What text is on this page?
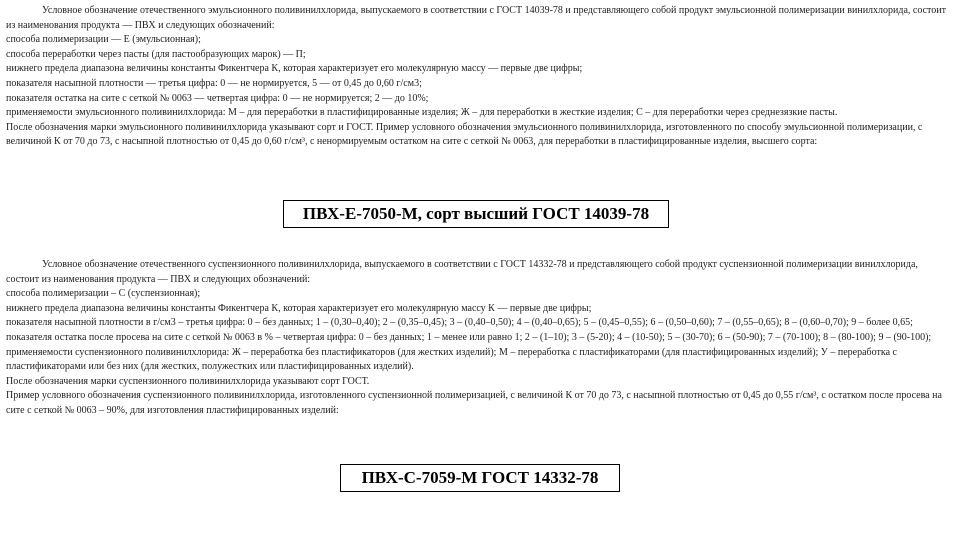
Условное обозначение отечественного эмульсионного поливинилхлорида, выпускаемого в соответствии с ГОСТ 14039-78 и представляющего собой продукт эмульсионной полимеризации винилхлорида, состоит из наименования продукта — ПВХ и следующих обозначений:

способа полимеризации — Е (эмульсионная);

способа переработки через пасты (для пастообразующих марок) — П;

нижнего предела диапазона величины константы Фикентчера К, которая характеризует его молекулярную массу — первые две цифры;

показателя насыпной плотности — третья цифра: 0 — не нормируется, 5 — от 0,45 до 0,60 г/см3;

показателя остатка на сите с сеткой № 0063 — четвертая цифра: 0 — не нормируется; 2 — до 10%;

применяемости эмульсионного поливинилхлорида: М – для переработки в пластифицированные изделия; Ж – для переработки в жесткие изделия; С – для переработки через среднезязкие пасты.

После обозначения марки эмульсионного поливинилхлорида указывают сорт и ГОСТ. Пример условного обозначения эмульсионного поливинилхлорида, изготовленного по способу эмульсионной полимеризации, с величиной К от 70 до 73, с насыпной плотностью от 0,45 до 0,60 г/см³, с ненормируемым остатком на сите с сеткой № 0063, для переработки в пластифицированные изделия, высшего сорта:

ПВХ-Е-7050-М, сорт высший ГОСТ 14039-78

Условное обозначение отечественного суспензионного поливинилхлорида, выпускаемого в соответствии с ГОСТ 14332-78 и представляющего собой продукт суспензионной полимеризации винилхлорида, состоит из наименования продукта — ПВХ и следующих обозначений:

способа полимеризации – С (суспензионная);

нижнего предела диапазона величины константы Фикентчера К, которая характеризует его молекулярную массу К — первые две цифры;

показателя насыпной плотности в г/см3 – третья цифра: 0 – без данных; 1 – (0,30–0,40); 2 – (0,35–0,45); 3 – (0,40–0,50); 4 – (0,40–0,65); 5 – (0,45–0,55); 6 – (0,50–0,60); 7 – (0,55–0,65); 8 – (0,60–0,70); 9 – более 0,65;

показателя остатка после просева на сите с сеткой № 0063 в % – четвертая цифра: 0 – без данных; 1 – менее или равно 1; 2 – (1–10); 3 – (5-20); 4 – (10-50); 5 – (30-70); 6 – (50-90); 7 – (70-100); 8 – (80-100); 9 – (90-100);

применяемости суспензионного поливинилхлорида: Ж – переработка без пластификаторов (для жестких изделий); М – переработка с пластификаторами (для пластифицированных изделий); У – переработка с пластификаторами или без них (для жестких, полужестких или пластифицированных изделий).

После обозначения марки суспензионного поливинилхлорида указывают сорт ГОСТ.

Пример условного обозначения суспензионного поливинилхлорида, изготовленного суспензионной полимеризацией, с величиной К от 70 до 73, с насыпной плотностью от 0,45 до 0,55 г/см³, с остатком после просева на сите с сеткой № 0063 – 90%, для изготовления пластифицированных изделий:

ПВХ-С-7059-М ГОСТ 14332-78
